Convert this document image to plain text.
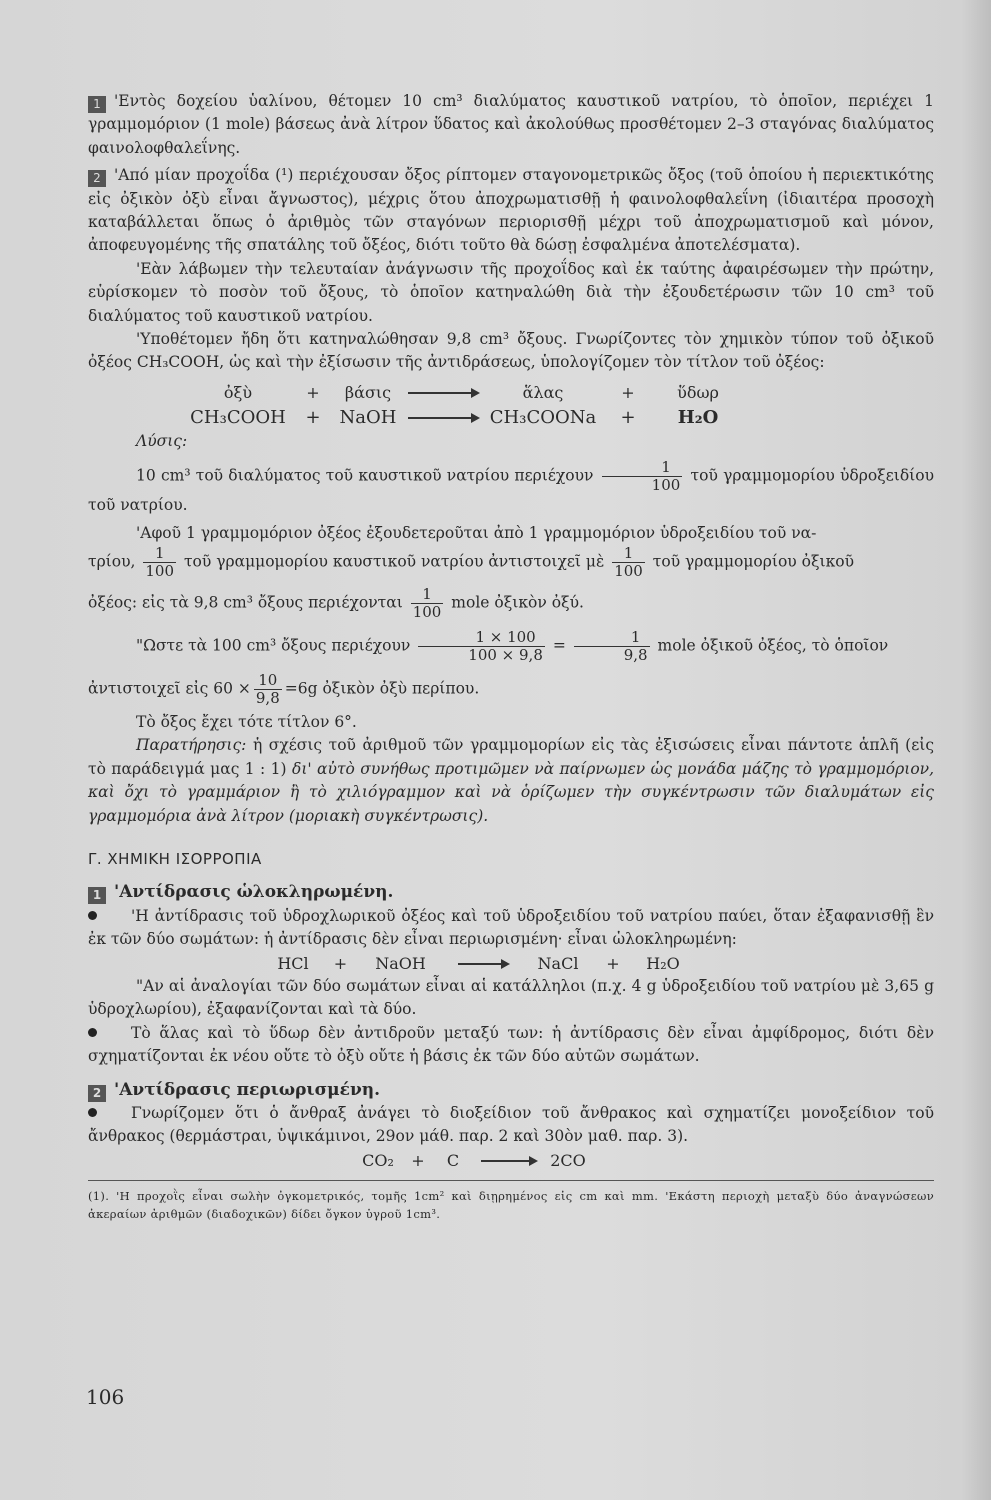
1 'Εντὸς δοχείου ὑαλίνου, θέτομεν 10 cm³ διαλύματος καυστικοῦ νατρίου, τὸ ὁποῖον, περιέχει 1 γραμμομόριον (1 mole) βάσεως ἀνὰ λίτρον ὕδατος καὶ ἀκολούθως προσθέτομεν 2–3 σταγόνας διαλύματος φαινολοφθαλεΐνης.

2 'Από μίαν προχοΐδα (¹) περιέχουσαν ὄξος ρίπτομεν σταγονομετρικῶς ὄξος (τοῦ ὁποίου ἡ περιεκτικότης εἰς ὀξικὸν ὀξὺ εἶναι ἄγνωστος), μέχρις ὅτου ἀποχρωματισθῇ ἡ φαινολοφθαλεΐνη (ἰδιαιτέρα προσοχὴ καταβάλλεται ὅπως ὁ ἀριθμὸς τῶν σταγόνων περιορισθῇ μέχρι τοῦ ἀποχρωματισμοῦ καὶ μόνον, ἀποφευγομένης τῆς σπατάλης τοῦ ὄξέος, διότι τοῦτο θὰ δώσῃ ἐσφαλμένα ἀποτελέσματα).

'Εὰν λάβωμεν τὴν τελευταίαν ἀνάγνωσιν τῆς προχοΐδος καὶ ἐκ ταύτης ἀφαιρέσωμεν τὴν πρώτην, εὑρίσκομεν τὸ ποσὸν τοῦ ὄξους, τὸ ὁποῖον κατηναλώθη διὰ τὴν ἐξουδετέρωσιν τῶν 10 cm³ τοῦ διαλύματος τοῦ καυστικοῦ νατρίου.

'Υποθέτομεν ἤδη ὅτι κατηναλώθησαν 9,8 cm³ ὄξους. Γνωρίζοντες τὸν χημικὸν τύπον τοῦ ὀξικοῦ ὀξέος CH₃COOH, ὡς καὶ τὴν ἐξίσωσιν τῆς ἀντιδράσεως, ὑπολογίζομεν τὸν τίτλον τοῦ ὀξέος:

ὀξὺ	+	βάσις	ἅλας	+	ὕδωρ
CH₃COOH	+	NaOH	CH₃COONa	+	H₂O

Λύσις:

10 cm³ τοῦ διαλύματος τοῦ καυστικοῦ νατρίου περιέχουν $\frac{1}{100}$ τοῦ γραμμομορίου ὑδροξειδίου τοῦ νατρίου.

'Αφοῦ 1 γραμμομόριον ὀξέος ἐξουδετεροῦται ἀπὸ 1 γραμμομόριον ὑδροξειδίου τοῦ να-

τρίου, $\frac{1}{100}$ τοῦ γραμμομορίου καυστικοῦ νατρίου ἀντιστοιχεῖ μὲ $\frac{1}{100}$ τοῦ γραμμομορίου ὀξικοῦ

ὀξέος: εἰς τὰ 9,8 cm³ ὄξους περιέχονται $\frac{1}{100}$ mole ὀξικὸν ὀξύ.

"Ωστε τὰ 100 cm³ ὄξους περιέχουν $\frac{1 \times 100}{100 \times 9,8} = \frac{1}{9,8}$ mole ὀξικοῦ ὀξέος, τὸ ὁποῖον

ἀντιστοιχεῖ εἰς $60 \times \frac{10}{9,8} =6g$ ὀξικὸν ὀξὺ περίπου.

Τὸ ὄξος ἔχει τότε τίτλον 6°.

Παρατήρησις: ἡ σχέσις τοῦ ἀριθμοῦ τῶν γραμμομορίων εἰς τὰς ἐξισώσεις εἶναι πάντοτε ἁπλῆ (εἰς τὸ παράδειγμά μας 1 : 1) δι' αὐτὸ συνήθως προτιμῶμεν νὰ παίρνωμεν ὡς μονάδα μάζης τὸ γραμμομόριον, καὶ ὄχι τὸ γραμμάριον ἢ τὸ χιλιόγραμμον καὶ νὰ ὁρίζωμεν τὴν συγκέντρωσιν τῶν διαλυμάτων εἰς γραμμομόρια ἀνὰ λίτρον (μοριακὴ συγκέντρωσις).

Γ. ΧΗΜΙΚΗ ΙΣΟΡΡΟΠΙΑ

1 'Αντίδρασις ὡλοκληρωμένη.

'Η ἀντίδρασις τοῦ ὑδροχλωρικοῦ ὀξέος καὶ τοῦ ὑδροξειδίου τοῦ νατρίου παύει, ὅταν ἐξαφανισθῇ ἓν ἐκ τῶν δύο σωμάτων: ἡ ἀντίδρασις δὲν εἶναι περιωρισμένη· εἶναι ὡλοκληρωμένη:

HCl	+	NaOH	NaCl	+	H₂O

"Αν αἱ ἀναλογίαι τῶν δύο σωμάτων εἶναι αἱ κατάλληλοι (π.χ. 4 g ὑδροξειδίου τοῦ νατρίου μὲ 3,65 g ὑδροχλωρίου), ἐξαφανίζονται καὶ τὰ δύο.

Τὸ ἅλας καὶ τὸ ὕδωρ δὲν ἀντιδροῦν μεταξύ των: ἡ ἀντίδρασις δὲν εἶναι ἀμφίδρομος, διότι δὲν σχηματίζονται ἐκ νέου οὔτε τὸ ὀξὺ οὔτε ἡ βάσις ἐκ τῶν δύο αὐτῶν σωμάτων.

2 'Αντίδρασις περιωρισμένη.

Γνωρίζομεν ὅτι ὁ ἄνθραξ ἀνάγει τὸ διοξείδιον τοῦ ἄνθρακος καὶ σχηματίζει μονοξείδιον τοῦ ἄνθρακος (θερμάστραι, ὑψικάμινοι, 29ον μάθ. παρ. 2 καὶ 30ὸν μαθ. παρ. 3).

CO₂	+	C	2CO

(1). 'Η προχοῒς εἶναι σωλὴν ὀγκομετρικός, τομῆς 1cm² καὶ διῃρημένος εἰς cm καὶ mm. 'Εκάστη περιοχὴ μεταξὺ δύο ἀναγνώσεων ἀκεραίων ἀριθμῶν (διαδοχικῶν) δίδει ὄγκον ὑγροῦ 1cm³.

106
